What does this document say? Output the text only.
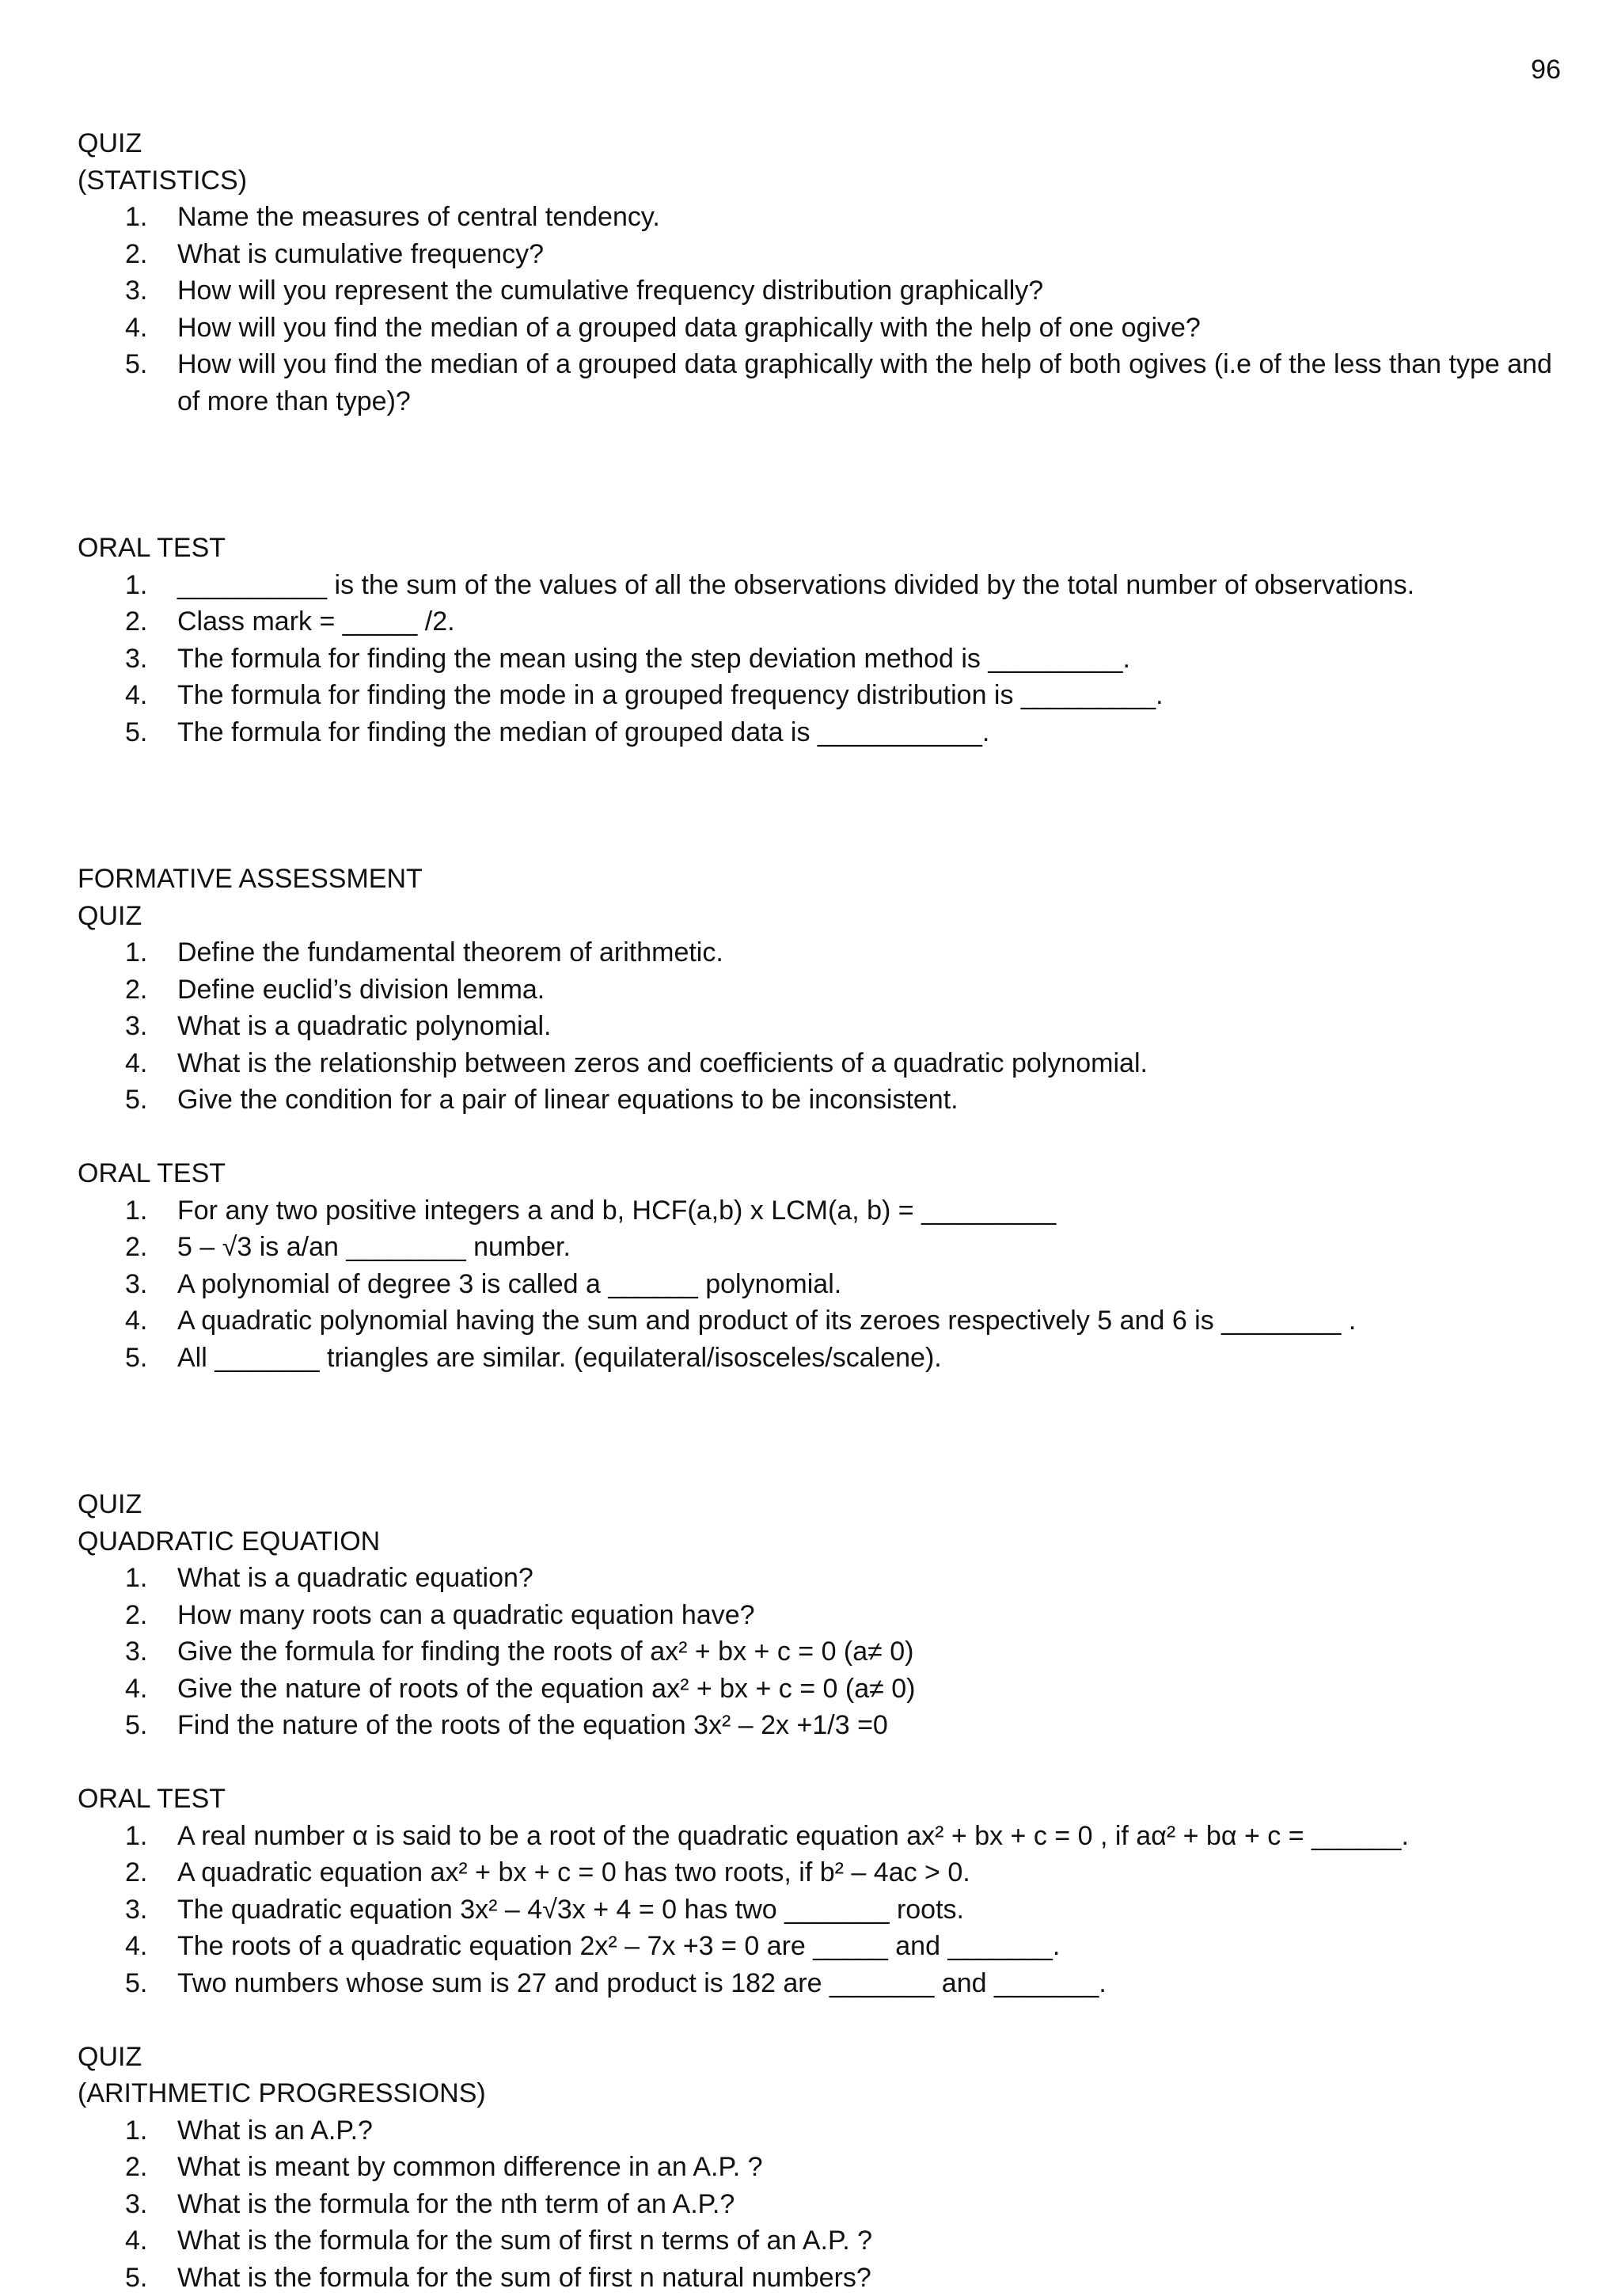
96
QUIZ
(STATISTICS)
1.	Name the measures of central tendency.
2.	What is cumulative frequency?
3.	How will you represent the cumulative frequency distribution graphically?
4.	How will you find the median of a grouped data graphically with the help of one ogive?
5.	How will you find the median of a grouped data graphically with the help of both ogives (i.e of the less than type and of more than type)?
ORAL TEST
1.	__________ is the sum of the values of all the observations divided by the total number of observations.
2.	Class mark = _____ /2.
3.	The formula for finding the mean using the step deviation method is _________.
4.	The formula for finding the mode in a grouped frequency distribution is _________.
5.	The formula for finding the median of grouped data is ___________.
FORMATIVE ASSESSMENT
QUIZ
1.	Define the fundamental theorem of arithmetic.
2.	Define euclid’s division lemma.
3.	What is a quadratic polynomial.
4.	What is the relationship between zeros and coefficients of a quadratic polynomial.
5.	Give the condition for a pair of linear equations to be inconsistent.
ORAL TEST
1.	For any two positive integers a and b, HCF(a,b) x LCM(a, b) = _________
2.	5 – √3 is a/an ________ number.
3.	A polynomial of degree 3 is called a ______ polynomial.
4.	A quadratic polynomial having the sum and product of its zeroes respectively 5 and 6 is ________ .
5.	All _______ triangles are similar. (equilateral/isosceles/scalene).
QUIZ
QUADRATIC EQUATION
1.	What is a quadratic equation?
2.	How many roots can a quadratic equation have?
3.	Give the formula for finding the roots of ax² + bx + c = 0 (a≠ 0)
4.	Give the nature of roots of the equation ax² + bx + c = 0 (a≠ 0)
5.	Find the nature of the roots of the equation 3x² – 2x +1/3 =0
ORAL TEST
1.	A real number α is said to be a root of the quadratic equation ax² + bx + c = 0 , if aα² + bα + c = ______.
2.	A quadratic equation ax² + bx + c = 0 has two roots, if b² – 4ac > 0.
3.	The quadratic equation 3x² – 4√3x + 4 = 0 has two _______ roots.
4.	The roots of a quadratic equation 2x² – 7x +3 = 0 are _____ and _______.
5.	Two numbers whose sum is 27 and product is 182 are _______ and _______.
QUIZ
(ARITHMETIC PROGRESSIONS)
1.	What is an A.P.?
2.	What is meant by common difference in an A.P. ?
3.	What is the formula for the nth term of an A.P.?
4.	What is the formula for the sum of first n terms of an A.P. ?
5.	What is the formula for the sum of first n natural numbers?
